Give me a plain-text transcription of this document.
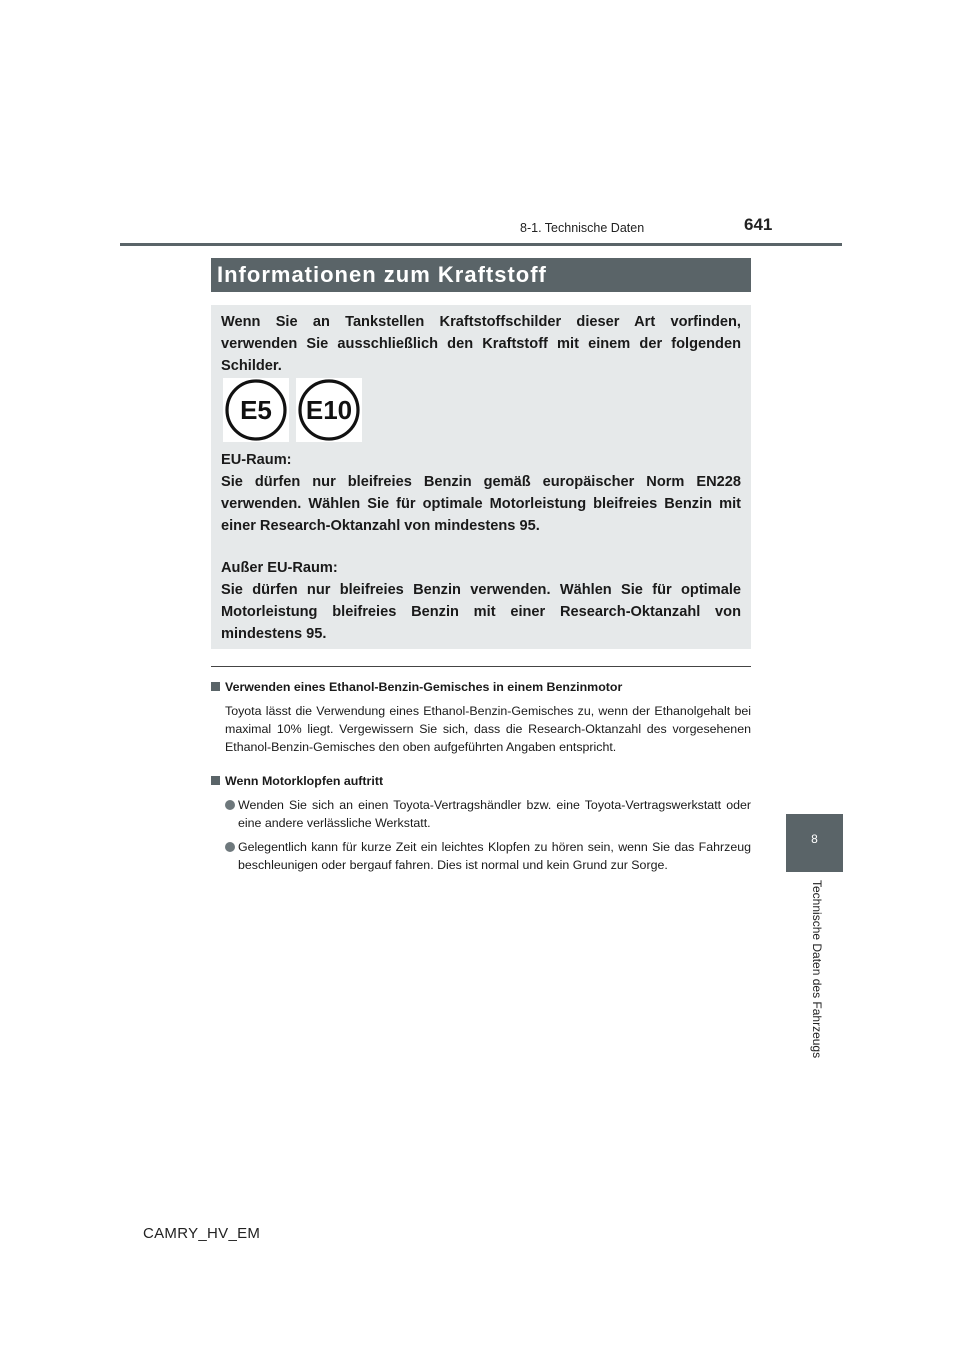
8-1. Technische Daten	641
8
Technische Daten des Fahrzeugs
Informationen zum Kraftstoff

Wenn Sie an Tankstellen Kraftstoffschilder dieser Art vorfinden, verwenden Sie ausschließlich den Kraftstoff mit einem der folgenden Schilder.

E5 E10

EU-Raum:

Sie dürfen nur bleifreies Benzin gemäß europäischer Norm EN228 verwenden. Wählen Sie für optimale Motorleistung bleifreies Benzin mit einer Research-Oktanzahl von mindestens 95.

Außer EU-Raum:

Sie dürfen nur bleifreies Benzin verwenden. Wählen Sie für optimale Motorleistung bleifreies Benzin mit einer Research-Oktanzahl von mindestens 95.

Verwenden eines Ethanol-Benzin-Gemisches in einem Benzinmotor
Toyota lässt die Verwendung eines Ethanol-Benzin-Gemisches zu, wenn der Ethanolgehalt bei maximal 10% liegt. Vergewissern Sie sich, dass die Research-Oktanzahl des vorgesehenen Ethanol-Benzin-Gemisches den oben aufgeführten Angaben entspricht.
Wenn Motorklopfen auftritt
Wenden Sie sich an einen Toyota-Vertragshändler bzw. eine Toyota-Vertragswerkstatt oder eine andere verlässliche Werkstatt.
Gelegentlich kann für kurze Zeit ein leichtes Klopfen zu hören sein, wenn Sie das Fahrzeug beschleunigen oder bergauf fahren. Dies ist normal und kein Grund zur Sorge.
CAMRY_HV_EM
